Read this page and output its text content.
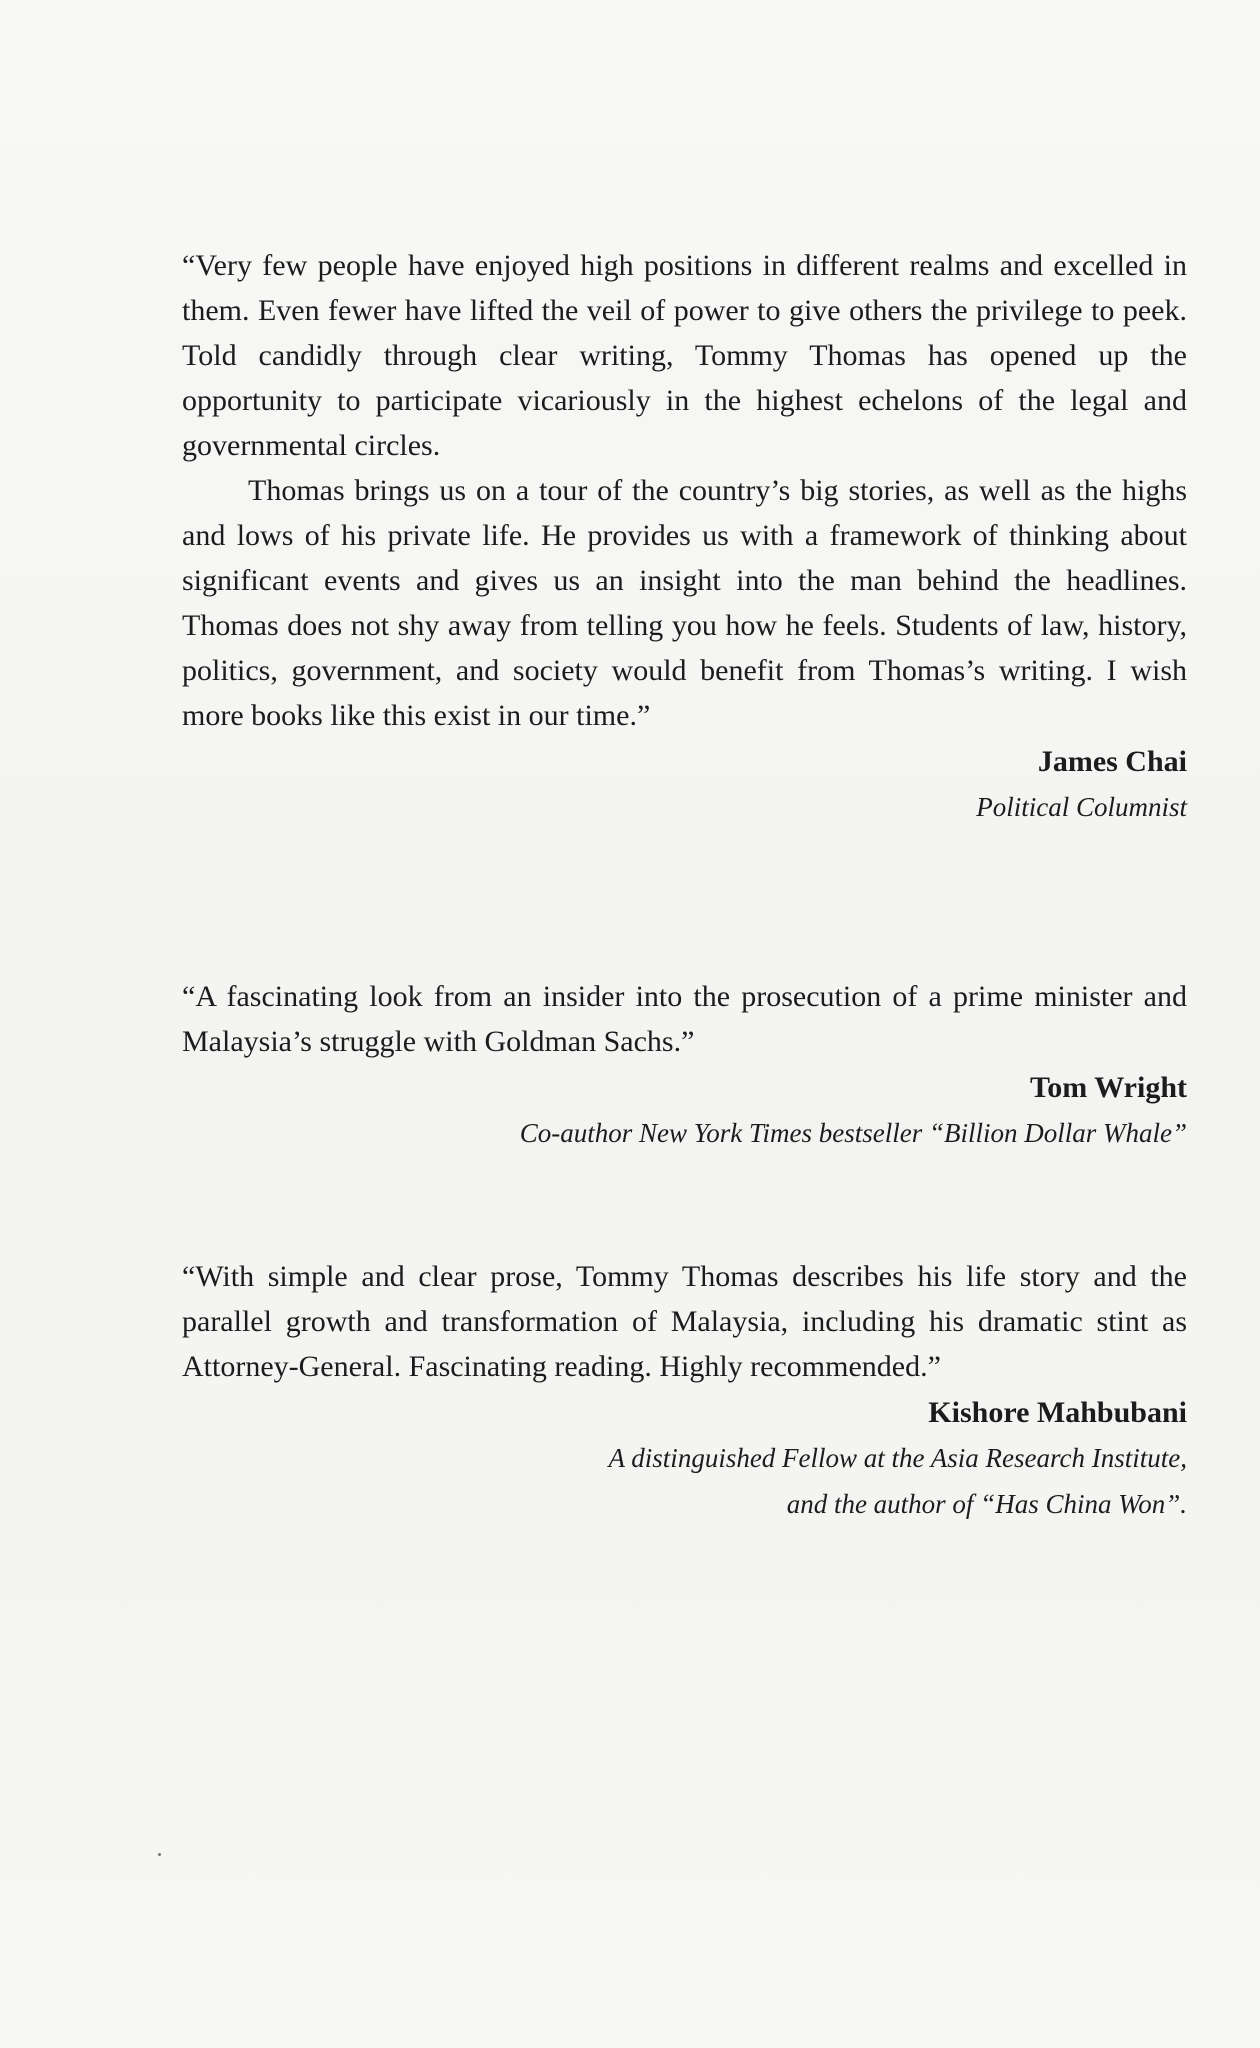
“Very few people have enjoyed high positions in different realms and excelled in them. Even fewer have lifted the veil of power to give others the privilege to peek. Told candidly through clear writing, Tommy Thomas has opened up the opportunity to participate vicariously in the highest echelons of the legal and governmental circles.

Thomas brings us on a tour of the country’s big stories, as well as the highs and lows of his private life. He provides us with a framework of thinking about significant events and gives us an insight into the man behind the headlines. Thomas does not shy away from telling you how he feels. Students of law, history, politics, government, and society would benefit from Thomas’s writing. I wish more books like this exist in our time.”

James Chai
Political Columnist

“A fascinating look from an insider into the prosecution of a prime minister and Malaysia’s struggle with Goldman Sachs.”

Tom Wright
Co-author New York Times bestseller “Billion Dollar Whale”

“With simple and clear prose, Tommy Thomas describes his life story and the parallel growth and transformation of Malaysia, including his dramatic stint as Attorney-General. Fascinating reading. Highly recommended.”

Kishore Mahbubani
A distinguished Fellow at the Asia Research Institute,
and the author of “Has China Won”.
